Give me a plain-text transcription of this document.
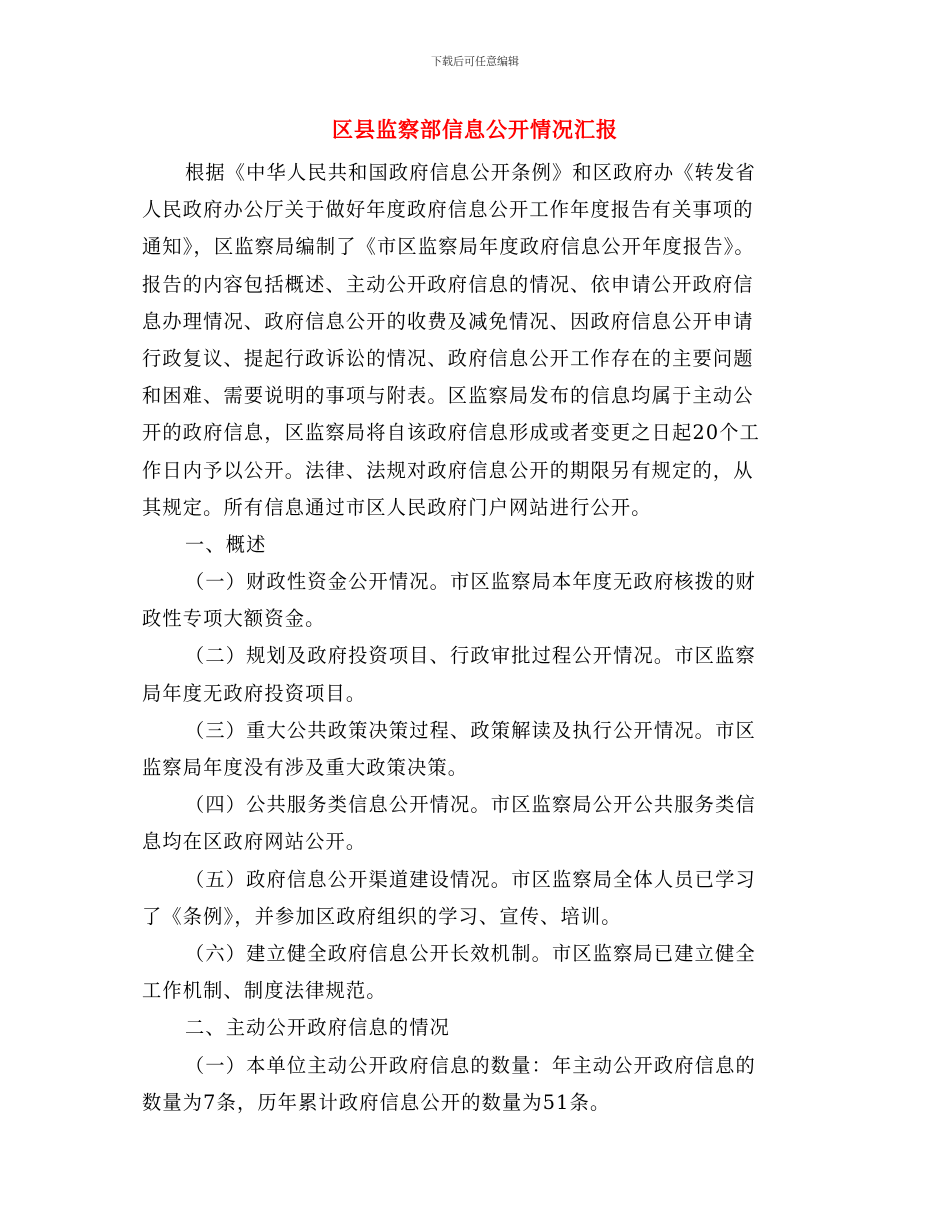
下载后可任意编辑
区县监察部信息公开情况汇报
根据《中华人民共和国政府信息公开条例》和区政府办《转发省
人民政府办公厅关于做好年度政府信息公开工作年度报告有关事项的
通知》，区监察局编制了《市区监察局年度政府信息公开年度报告》。
报告的内容包括概述、主动公开政府信息的情况、依申请公开政府信
息办理情况、政府信息公开的收费及减免情况、因政府信息公开申请
行政复议、提起行政诉讼的情况、政府信息公开工作存在的主要问题
和困难、需要说明的事项与附表。区监察局发布的信息均属于主动公
开的政府信息，区监察局将自该政府信息形成或者变更之日起20个工
作日内予以公开。法律、法规对政府信息公开的期限另有规定的，从
其规定。所有信息通过市区人民政府门户网站进行公开。
一、概述
（一）财政性资金公开情况。市区监察局本年度无政府核拨的财
政性专项大额资金。
（二）规划及政府投资项目、行政审批过程公开情况。市区监察
局年度无政府投资项目。
（三）重大公共政策决策过程、政策解读及执行公开情况。市区
监察局年度没有涉及重大政策决策。
（四）公共服务类信息公开情况。市区监察局公开公共服务类信
息均在区政府网站公开。
（五）政府信息公开渠道建设情况。市区监察局全体人员已学习
了《条例》，并参加区政府组织的学习、宣传、培训。
（六）建立健全政府信息公开长效机制。市区监察局已建立健全
工作机制、制度法律规范。
二、主动公开政府信息的情况
（一）本单位主动公开政府信息的数量：年主动公开政府信息的
数量为7条，历年累计政府信息公开的数量为51条。
